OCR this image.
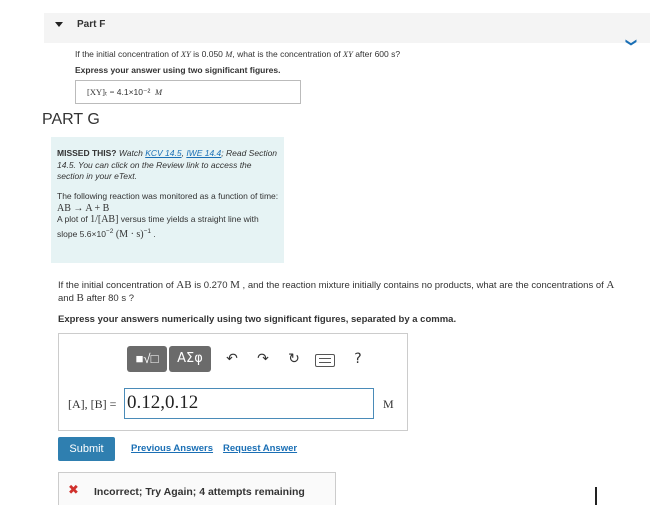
Part F
❯
If the initial concentration of XY is 0.050 M, what is the concentration of XY after 600 s?
Express your answer using two significant figures.
[XY]ₜ = 4.1×10⁻² M
PART G
MISSED THIS? Watch KCV 14.5, IWE 14.4; Read Section 14.5. You can click on the Review link to access the section in your eText.
The following reaction was monitored as a function of time:
AB → A + B
A plot of 1/[AB] versus time yields a straight line with slope $5.6\times 10^{-2}$ $(M \cdot s)^{-1}$ .
If the initial concentration of AB is 0.270 M , and the reaction mixture initially contains no products, what are the concentrations of A and B after 80 s ?
Express your answers numerically using two significant figures, separated by a comma.
■√□	AΣφ	↶ ↷ ↻	?
[A], [B] = 0.12,0.12	M
Submit	Previous Answers Request Answer
✖ Incorrect; Try Again; 4 attempts remaining
